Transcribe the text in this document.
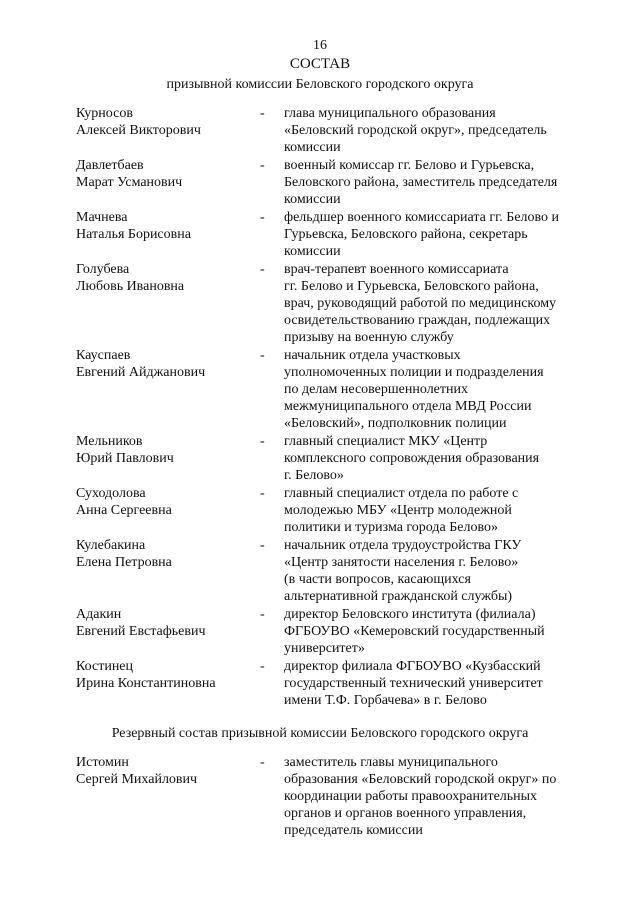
16
СОСТАВ
призывной комиссии Беловского городского округа
Курносов
Алексей Викторович
- глава муниципального образования
«Беловский городской округ», председатель
комиссии
Давлетбаев
Марат Усманович
- военный комиссар гг. Белово и Гурьевска,
Беловского района, заместитель председателя
комиссии
Мачнева
Наталья Борисовна
- фельдшер военного комиссариата гг. Белово и
Гурьевска, Беловского района, секретарь
комиссии
Голубева
Любовь Ивановна
- врач-терапевт военного комиссариата
гг. Белово и Гурьевска, Беловского района,
врач, руководящий работой по медицинскому
освидетельствованию граждан, подлежащих
призыву на военную службу
Кауспаев
Евгений Айджанович
- начальник отдела участковых
уполномоченных полиции и подразделения
по делам несовершеннолетних
межмуниципального отдела МВД России
«Беловский», подполковник полиции
Мельников
Юрий Павлович
- главный специалист МКУ «Центр
комплексного сопровождения образования
г. Белово»
Суходолова
Анна Сергеевна
- главный специалист отдела по работе с
молодежью МБУ «Центр молодежной
политики и туризма города Белово»
Кулебакина
Елена Петровна
- начальник отдела трудоустройства ГКУ
«Центр занятости населения г. Белово»
(в части вопросов, касающихся
альтернативной гражданской службы)
Адакин
Евгений Евстафьевич
- директор Беловского института (филиала)
ФГБОУВО «Кемеровский государственный
университет»
Костинец
Ирина Константиновна
- директор филиала ФГБОУВО «Кузбасский
государственный технический университет
имени Т.Ф. Горбачева» в г. Белово
Резервный состав призывной комиссии Беловского городского округа
Истомин
Сергей Михайлович
- заместитель главы муниципального
образования «Беловский городской округ» по
координации работы правоохранительных
органов и органов военного управления,
председатель комиссии
